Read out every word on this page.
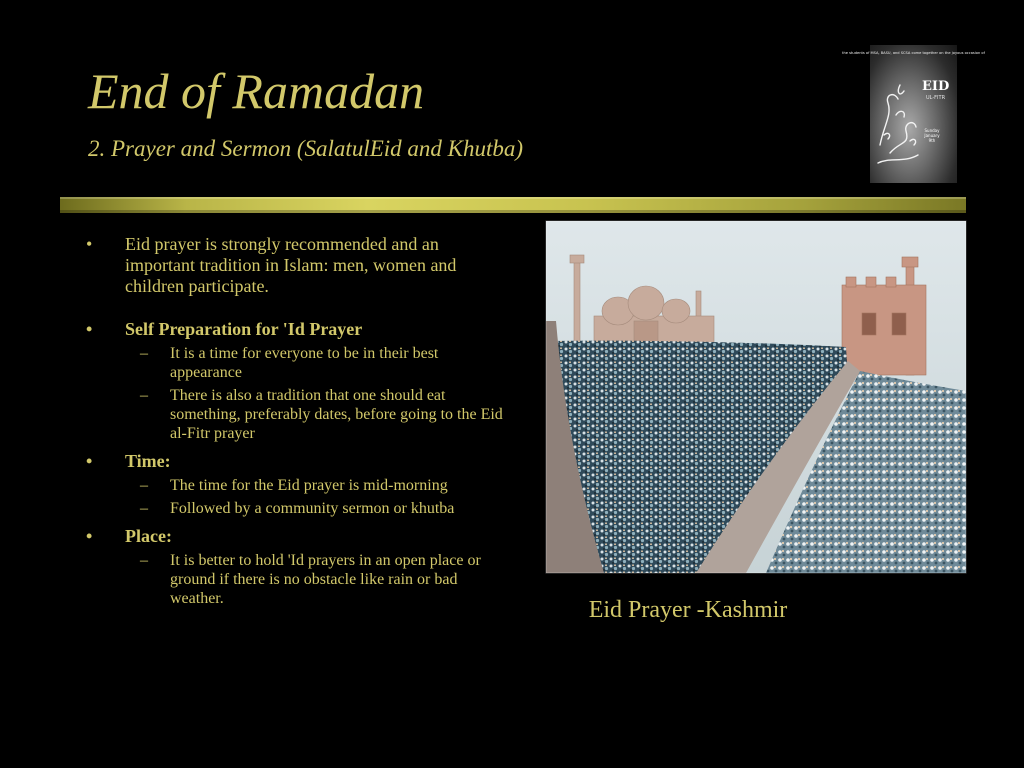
End of Ramadan
2. Prayer and Sermon (SalatulEid and Khutba)
the students of MSA, BASU, and SCSA come together on the joyous occasion of
EID
UL-FITR
Sunday
January
9th
• Eid prayer is strongly recommended and an important tradition in Islam: men, women and children participate.
• Self Preparation for 'Id Prayer
– It is a time for everyone to be in their best appearance
– There is also a tradition that one should eat something, preferably dates, before going to the Eid al-Fitr prayer
• Time:
– The time for the Eid prayer is mid-morning
– Followed by a community sermon or khutba
• Place:
– It is better to hold 'Id prayers in an open place or ground if there is no obstacle like rain or bad weather.	Eid Prayer -Kashmir
